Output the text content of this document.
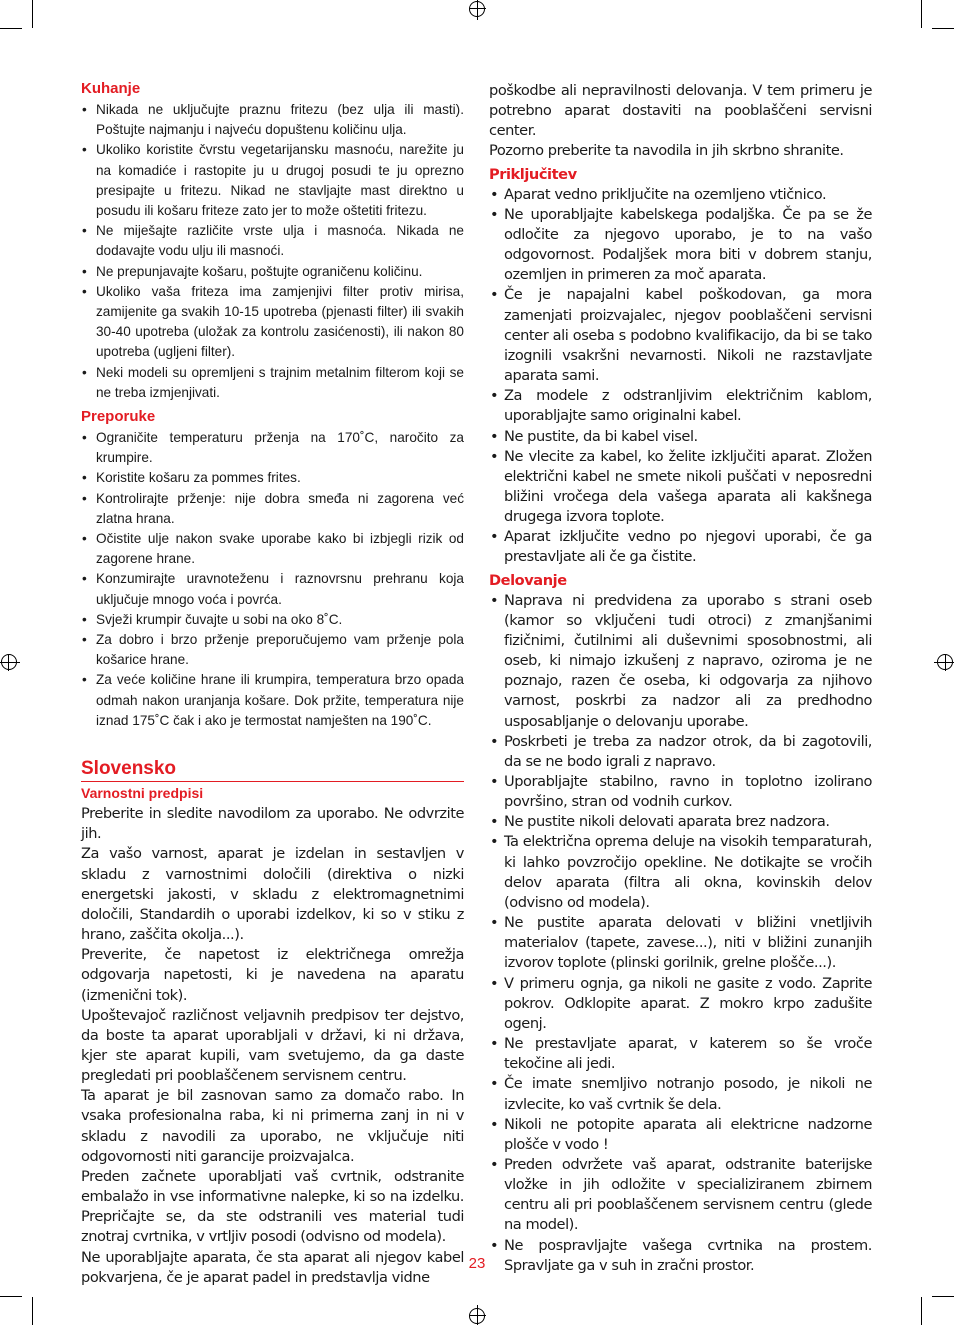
Kuhanje
• Nikada ne uključujte praznu fritezu (bez ulja ili masti). Poštujte najmanju i najveću dopuštenu količinu ulja.
• Ukoliko koristite čvrstu vegetarijansku masnoću, narežite ju na komadiće i rastopite ju u drugoj posudi te ju oprezno presipajte u fritezu. Nikad ne stavljajte mast direktno u posudu ili košaru friteze zato jer to može oštetiti fritezu.
• Ne miješajte različite vrste ulja i masnoća. Nikada ne dodavajte vodu ulju ili masnoći.
• Ne prepunjavajte košaru, poštujte ograničenu količinu.
• Ukoliko vaša friteza ima zamjenjivi filter protiv mirisa, zamijenite ga svakih 10-15 upotreba (pjenasti filter) ili svakih 30-40 upotreba (uložak za kontrolu zasićenosti), ili nakon 80 upotreba (ugljeni filter).
• Neki modeli su opremljeni s trajnim metalnim filterom koji se ne treba izmjenjivati.
Preporuke
• Ograničite temperaturu prženja na 170˚C, naročito za krumpire.
• Koristite košaru za pommes frites.
• Kontrolirajte prženje: nije dobra smeđa ni zagorena već zlatna hrana.
• Očistite ulje nakon svake uporabe kako bi izbjegli rizik od zagorene hrane.
• Konzumirajte uravnoteženu i raznovrsnu prehranu koja uključuje mnogo voća i povrća.
• Svježi krumpir čuvajte u sobi na oko 8˚C.
• Za dobro i brzo prženje preporučujemo vam prženje pola košarice hrane.
• Za veće količine hrane ili krumpira, temperatura brzo opada odmah nakon uranjanja košare. Dok pržite, temperatura nije iznad 175˚C čak i ako je termostat namješten na 190˚C.
Slovensko
Varnostni predpisi

Preberite in sledite navodilom za uporabo. Ne odvrzite jih.

Za vašo varnost, aparat je izdelan in sestavljen v skladu z varnostnimi določili (direktiva o nizki energetski jakosti, v skladu z elektromagnetnimi določili, Standardih o uporabi izdelkov, ki so v stiku z hrano, zaščita okolja...).

Preverite, če napetost iz električnega omrežja odgovarja napetosti, ki je navedena na aparatu (izmenični tok).

Upoštevajoč različnost veljavnih predpisov ter dejstvo, da boste ta aparat uporabljali v državi, ki ni država, kjer ste aparat kupili, vam svetujemo, da ga daste pregledati pri pooblaščenem servisnem centru.

Ta aparat je bil zasnovan samo za domačo rabo. In vsaka profesionalna raba, ki ni primerna zanj in ni v skladu z navodili za uporabo, ne vključuje niti odgovornosti niti garancije proizvajalca.

Preden začnete uporabljati vaš cvrtnik, odstranite embalažo in vse informativne nalepke, ki so na izdelku. Prepričajte se, da ste odstranili ves material tudi znotraj cvrtnika, v vrtljiv posodi (odvisno od modela).

Ne uporabljajte aparata, če sta aparat ali njegov kabel pokvarjena, če je aparat padel in predstavlja vidne

poškodbe ali nepravilnosti delovanja. V tem primeru je potrebno aparat dostaviti na pooblaščeni servisni center.

Pozorno preberite ta navodila in jih skrbno shranite.

Priključitev
• Aparat vedno priključite na ozemljeno vtičnico.
• Ne uporabljajte kabelskega podaljška. Če pa se že odločite za njegovo uporabo, je to na vašo odgovornost. Podaljšek mora biti v dobrem stanju, ozemljen in primeren za moč aparata.
• Če je napajalni kabel poškodovan, ga mora zamenjati proizvajalec, njegov pooblaščeni servisni center ali oseba s podobno kvalifikacijo, da bi se tako izognili vsakršni nevarnosti. Nikoli ne razstavljate aparata sami.
• Za modele z odstranljivim električnim kablom, uporabljajte samo originalni kabel.
• Ne pustite, da bi kabel visel.
• Ne vlecite za kabel, ko želite izključiti aparat. Zložen električni kabel ne smete nikoli puščati v neposredni bližini vročega dela vašega aparata ali kakšnega drugega izvora toplote.
• Aparat izključite vedno po njegovi uporabi, če ga prestavljate ali če ga čistite.
Delovanje
• Naprava ni predvidena za uporabo s strani oseb (kamor so vključeni tudi otroci) z zmanjšanimi fizičnimi, čutilnimi ali duševnimi sposobnostmi, ali oseb, ki nimajo izkušenj z napravo, oziroma je ne poznajo, razen če oseba, ki odgovarja za njihovo varnost, poskrbi za nadzor ali za predhodno usposabljanje o delovanju uporabe.
• Poskrbeti je treba za nadzor otrok, da bi zagotovili, da se ne bodo igrali z napravo.
• Uporabljajte stabilno, ravno in toplotno izolirano površino, stran od vodnih curkov.
• Ne pustite nikoli delovati aparata brez nadzora.
• Ta električna oprema deluje na visokih temparaturah, ki lahko povzročijo opekline. Ne dotikajte se vročih delov aparata (filtra ali okna, kovinskih delov (odvisno od modela).
• Ne pustite aparata delovati v bližini vnetljivih materialov (tapete, zavese...), niti v bližini zunanjih izvorov toplote (plinski gorilnik, grelne plošče...).
• V primeru ognja, ga nikoli ne gasite z vodo. Zaprite pokrov. Odklopite aparat. Z mokro krpo zadušite ogenj.
• Ne prestavljate aparat, v katerem so še vroče tekočine ali jedi.
• Če imate snemljivo notranjo posodo, je nikoli ne izvlecite, ko vaš cvrtnik še dela.
• Nikoli ne potopite aparata ali elektricne nadzorne plošče v vodo !
• Preden odvržete vaš aparat, odstranite baterijske vložke in jih odložite v specializiranem zbirnem centru ali pri pooblaščenem servisnem centru (glede na model).
• Ne pospravljajte vašega cvrtnika na prostem. Spravljate ga v suh in zračni prostor.
23
